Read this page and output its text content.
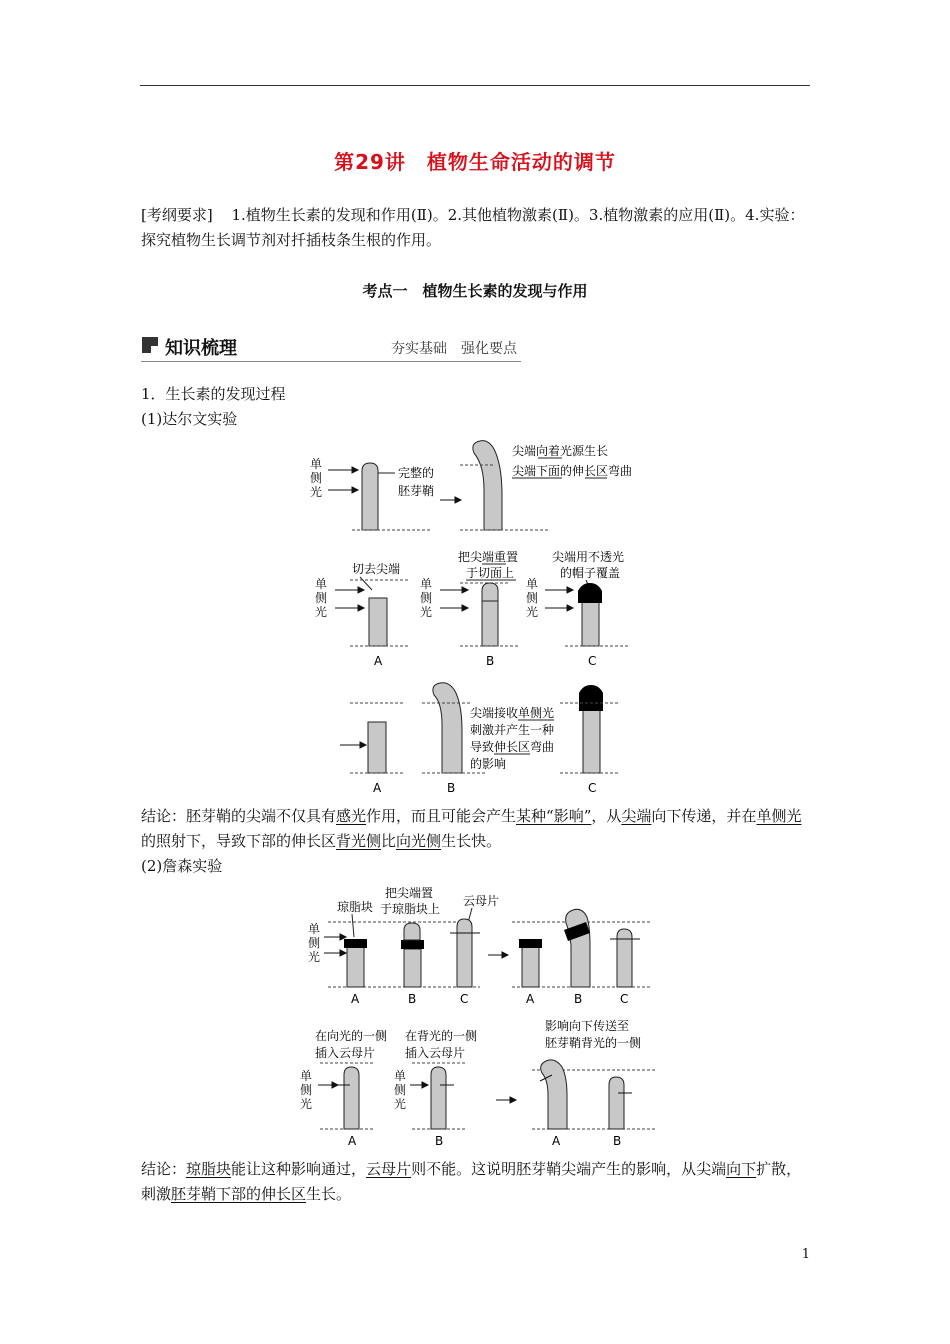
第29讲　植物生命活动的调节
[考纲要求] 1.植物生长素的发现和作用(Ⅱ)。2.其他植物激素(Ⅱ)。3.植物激素的应用(Ⅱ)。4.实验：探究植物生长调节剂对扦插枝条生根的作用。
考点一　植物生长素的发现与作用
知识梳理	夯实基础　强化要点
1．生长素的发现过程
(1)达尔文实验
单
侧
光
完整的
胚芽鞘
尖端向着光源生长
尖端下面的伸长区弯曲
单
侧
光
单
侧
光
单
侧
光
切去尖端
A
把尖端重置
于切面上
B
尖端用不透光
的帽子覆盖
C
A	B
尖端接收单侧光
刺激并产生一种
导致伸长区弯曲
的影响
C
结论：胚芽鞘的尖端不仅具有感光作用，而且可能会产生某种“影响”，从尖端向下传递，并在单侧光的照射下，导致下部的伸长区背光侧比向光侧生长快。
(2)詹森实验
单
侧
光
琼脂块
A
把尖端置
于琼脂块上
B
云母片
C	A	B	C
在向光的一侧
插入云母片
单
侧
光
A
在背光的一侧
插入云母片
单
侧
光
B
影响向下传送至
胚芽鞘背光的一侧
A	B
结论：琼脂块能让这种影响通过，云母片则不能。这说明胚芽鞘尖端产生的影响，从尖端向下扩散，刺激胚芽鞘下部的伸长区生长。
1
